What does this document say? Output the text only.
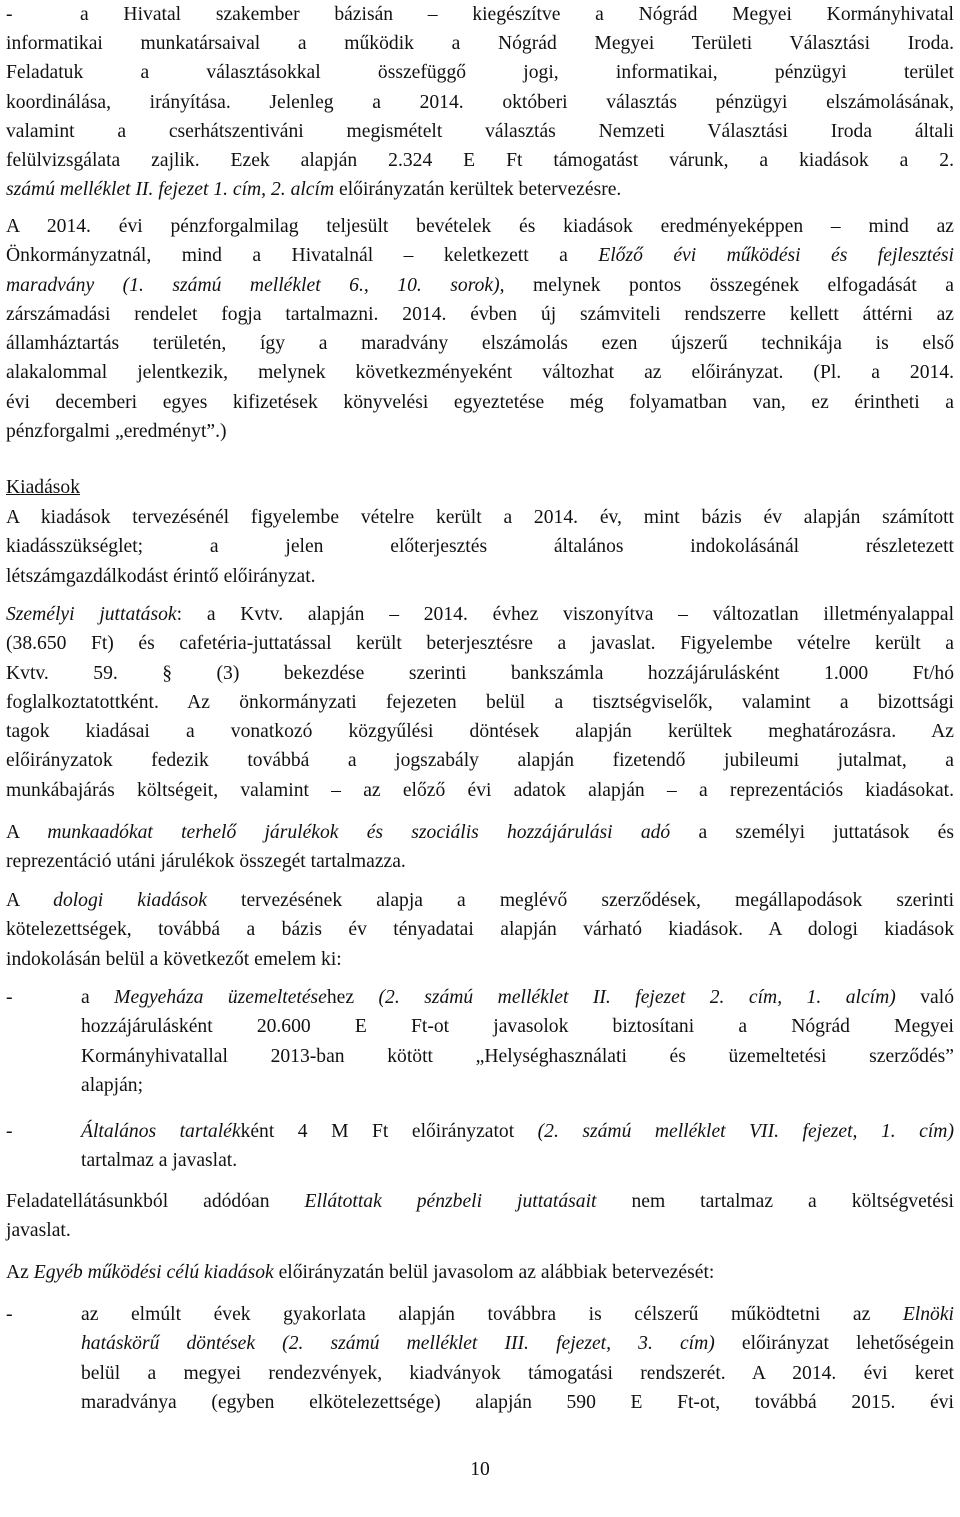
-	a Hivatal szakember bázisán – kiegészítve a Nógrád Megyei Kormányhivatal
informatikai munkatársaival a működik a Nógrád Megyei Területi Választási Iroda.
Feladatuk a választásokkal összefüggő jogi, informatikai, pénzügyi terület
koordinálása, irányítása. Jelenleg a 2014. októberi választás pénzügyi elszámolásának,
valamint a cserhátszentiváni megismételt választás Nemzeti Választási Iroda általi
felülvizsgálata zajlik. Ezek alapján 2.324 E Ft támogatást várunk, a kiadások a 2.
számú melléklet II. fejezet 1. cím, 2. alcím előirányzatán kerültek betervezésre.
A 2014. évi pénzforgalmilag teljesült bevételek és kiadások eredményeképpen – mind az
Önkormányzatnál, mind a Hivatalnál – keletkezett a Előző évi működési és fejlesztési
maradvány (1. számú melléklet 6., 10. sorok), melynek pontos összegének elfogadását a
zárszámadási rendelet fogja tartalmazni. 2014. évben új számviteli rendszerre kellett áttérni az
államháztartás területén, így a maradvány elszámolás ezen újszerű technikája is első
alakalommal jelentkezik, melynek következményeként változhat az előirányzat. (Pl. a 2014.
évi decemberi egyes kifizetések könyvelési egyeztetése még folyamatban van, ez érintheti a
pénzforgalmi „eredményt”.)
Kiadások
A kiadások tervezésénél figyelembe vételre került a 2014. év, mint bázis év alapján számított
kiadásszükséglet; a jelen előterjesztés általános indokolásánál részletezett
létszámgazdálkodást érintő előirányzat.
Személyi juttatások: a Kvtv. alapján – 2014. évhez viszonyítva – változatlan illetményalappal
(38.650 Ft) és cafetéria-juttatással került beterjesztésre a javaslat. Figyelembe vételre került a
Kvtv. 59. § (3) bekezdése szerinti bankszámla hozzájárulásként 1.000 Ft/hó
foglalkoztatottként. Az önkormányzati fejezeten belül a tisztségviselők, valamint a bizottsági
tagok kiadásai a vonatkozó közgyűlési döntések alapján kerültek meghatározásra. Az
előirányzatok fedezik továbbá a jogszabály alapján fizetendő jubileumi jutalmat, a
munkábajárás költségeit, valamint – az előző évi adatok alapján – a reprezentációs kiadásokat.
A munkaadókat terhelő járulékok és szociális hozzájárulási adó a személyi juttatások és
reprezentáció utáni járulékok összegét tartalmazza.
A dologi kiadások tervezésének alapja a meglévő szerződések, megállapodások szerinti
kötelezettségek, továbbá a bázis év tényadatai alapján várható kiadások. A dologi kiadások
indokolásán belül a következőt emelem ki:
-	a Megyeháza üzemeltetésehez (2. számú melléklet II. fejezet 2. cím, 1. alcím) való
hozzájárulásként 20.600 E Ft-ot javasolok biztosítani a Nógrád Megyei
Kormányhivatallal 2013-ban kötött „Helységhasználati és üzemeltetési szerződés”
alapján;
-	Általános tartalékként 4 M Ft előirányzatot (2. számú melléklet VII. fejezet, 1. cím)
tartalmaz a javaslat.
Feladatellátásunkból adódóan Ellátottak pénzbeli juttatásait nem tartalmaz a költségvetési
javaslat.
Az Egyéb működési célú kiadások előirányzatán belül javasolom az alábbiak betervezését:
-	az elmúlt évek gyakorlata alapján továbbra is célszerű működtetni az Elnöki
hatáskörű döntések (2. számú melléklet III. fejezet, 3. cím) előirányzat lehetőségein
belül a megyei rendezvények, kiadványok támogatási rendszerét. A 2014. évi keret
maradványa (egyben elkötelezettsége) alapján 590 E Ft-ot, továbbá 2015. évi
10
